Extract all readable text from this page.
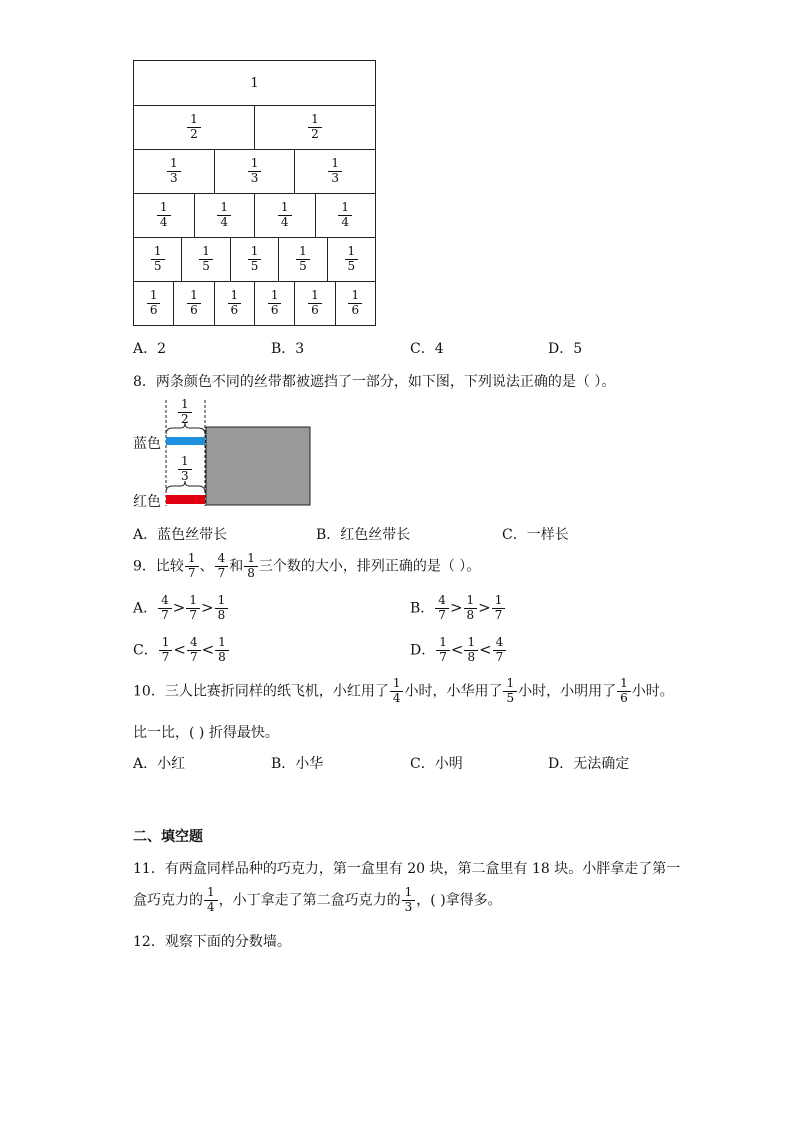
1
$\frac{1}{2}$	$\frac{1}{2}$
$\frac{1}{3}$	$\frac{1}{3}$	$\frac{1}{3}$
$\frac{1}{4}$	$\frac{1}{4}$	$\frac{1}{4}$	$\frac{1}{4}$
$\frac{1}{5}$	$\frac{1}{5}$	$\frac{1}{5}$	$\frac{1}{5}$	$\frac{1}{5}$
$\frac{1}{6} \frac{1}{6} \frac{1}{6} \frac{1}{6} \frac{1}{6} \frac{1}{6}$
A．2	B．3	C．4	D．5
8．两条颜色不同的丝带都被遮挡了一部分，如下图，下列说法正确的是（ ）。
$\frac{1}{2}$
$\frac{1}{3}$
蓝色
红色
A．蓝色丝带长	B．红色丝带长	C．一样长
9．比较 $\frac{1}{7}$ 、 $\frac{4}{7}$ 和 $\frac{1}{8}$ 三个数的大小，排列正确的是（ ）。
A． $\frac{4}{7} > \frac{1}{7} > \frac{1}{8}$	B． $\frac{4}{7} > \frac{1}{8} > \frac{1}{7}$
C． $\frac{1}{7} < \frac{4}{7} < \frac{1}{8}$	D． $\frac{1}{7} < \frac{1}{8} < \frac{4}{7}$
10．三人比赛折同样的纸飞机，小红用了 $\frac{1}{4}$ 小时，小华用了 $\frac{1}{5}$ 小时，小明用了 $\frac{1}{6}$ 小时。
比一比，( ) 折得最快。
A．小红	B．小华	C．小明	D．无法确定
二、填空题
11．有两盒同样品种的巧克力，第一盒里有 20 块，第二盒里有 18 块。小胖拿走了第一
盒巧克力的 $\frac{1}{4}$ ，小丁拿走了第二盒巧克力的 $\frac{1}{3}$ ，( )拿得多。
12．观察下面的分数墙。
